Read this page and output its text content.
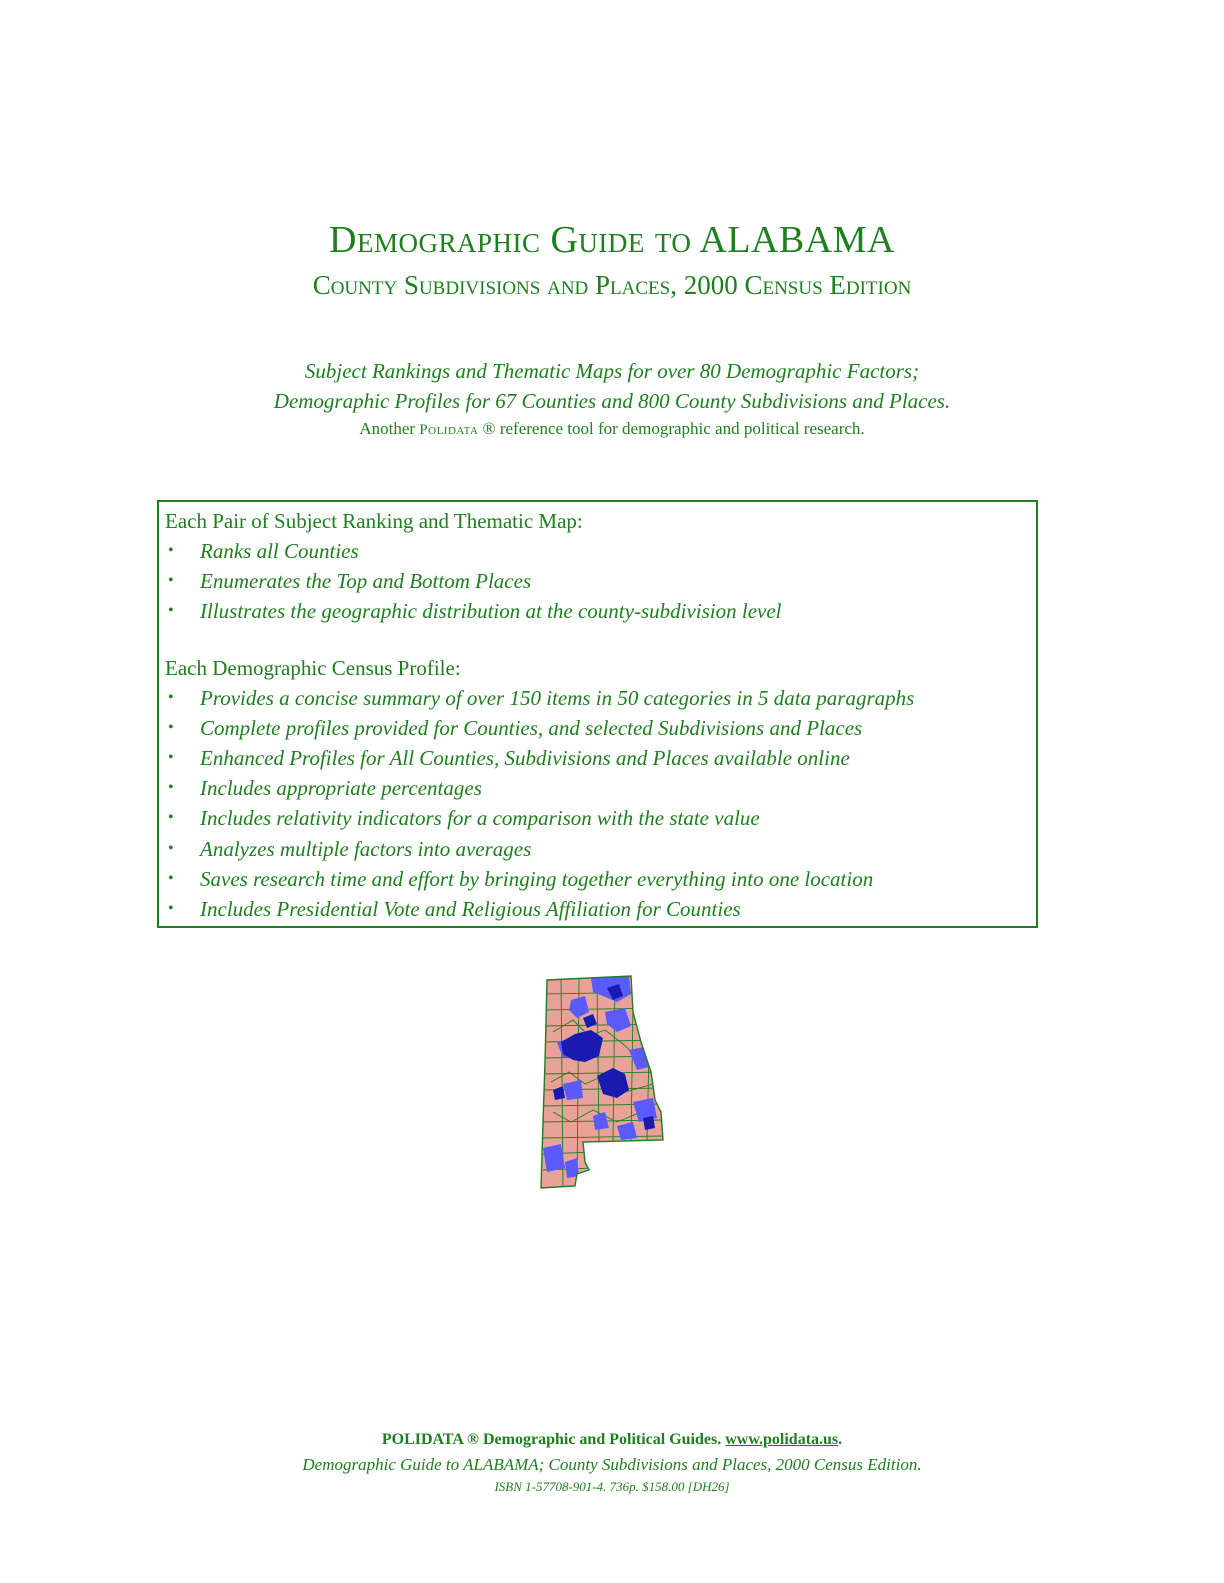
Demographic Guide to ALABAMA
County Subdivisions and Places, 2000 Census Edition
Subject Rankings and Thematic Maps for over 80 Demographic Factors;
Demographic Profiles for 67 Counties and 800 County Subdivisions and Places.
Another Polidata ® reference tool for demographic and political research.

Each Pair of Subject Ranking and Thematic Map:

• Ranks all Counties
• Enumerates the Top and Bottom Places
• Illustrates the geographic distribution at the county-subdivision level

Each Demographic Census Profile:

• Provides a concise summary of over 150 items in 50 categories in 5 data paragraphs
• Complete profiles provided for Counties, and selected Subdivisions and Places
• Enhanced Profiles for All Counties, Subdivisions and Places available online
• Includes appropriate percentages
• Includes relativity indicators for a comparison with the state value
• Analyzes multiple factors into averages
• Saves research time and effort by bringing together everything into one location
• Includes Presidential Vote and Religious Affiliation for Counties
POLIDATA ® Demographic and Political Guides. www.polidata.us.
Demographic Guide to ALABAMA; County Subdivisions and Places, 2000 Census Edition.
ISBN 1-57708-901-4. 736p. $158.00 [DH26]
